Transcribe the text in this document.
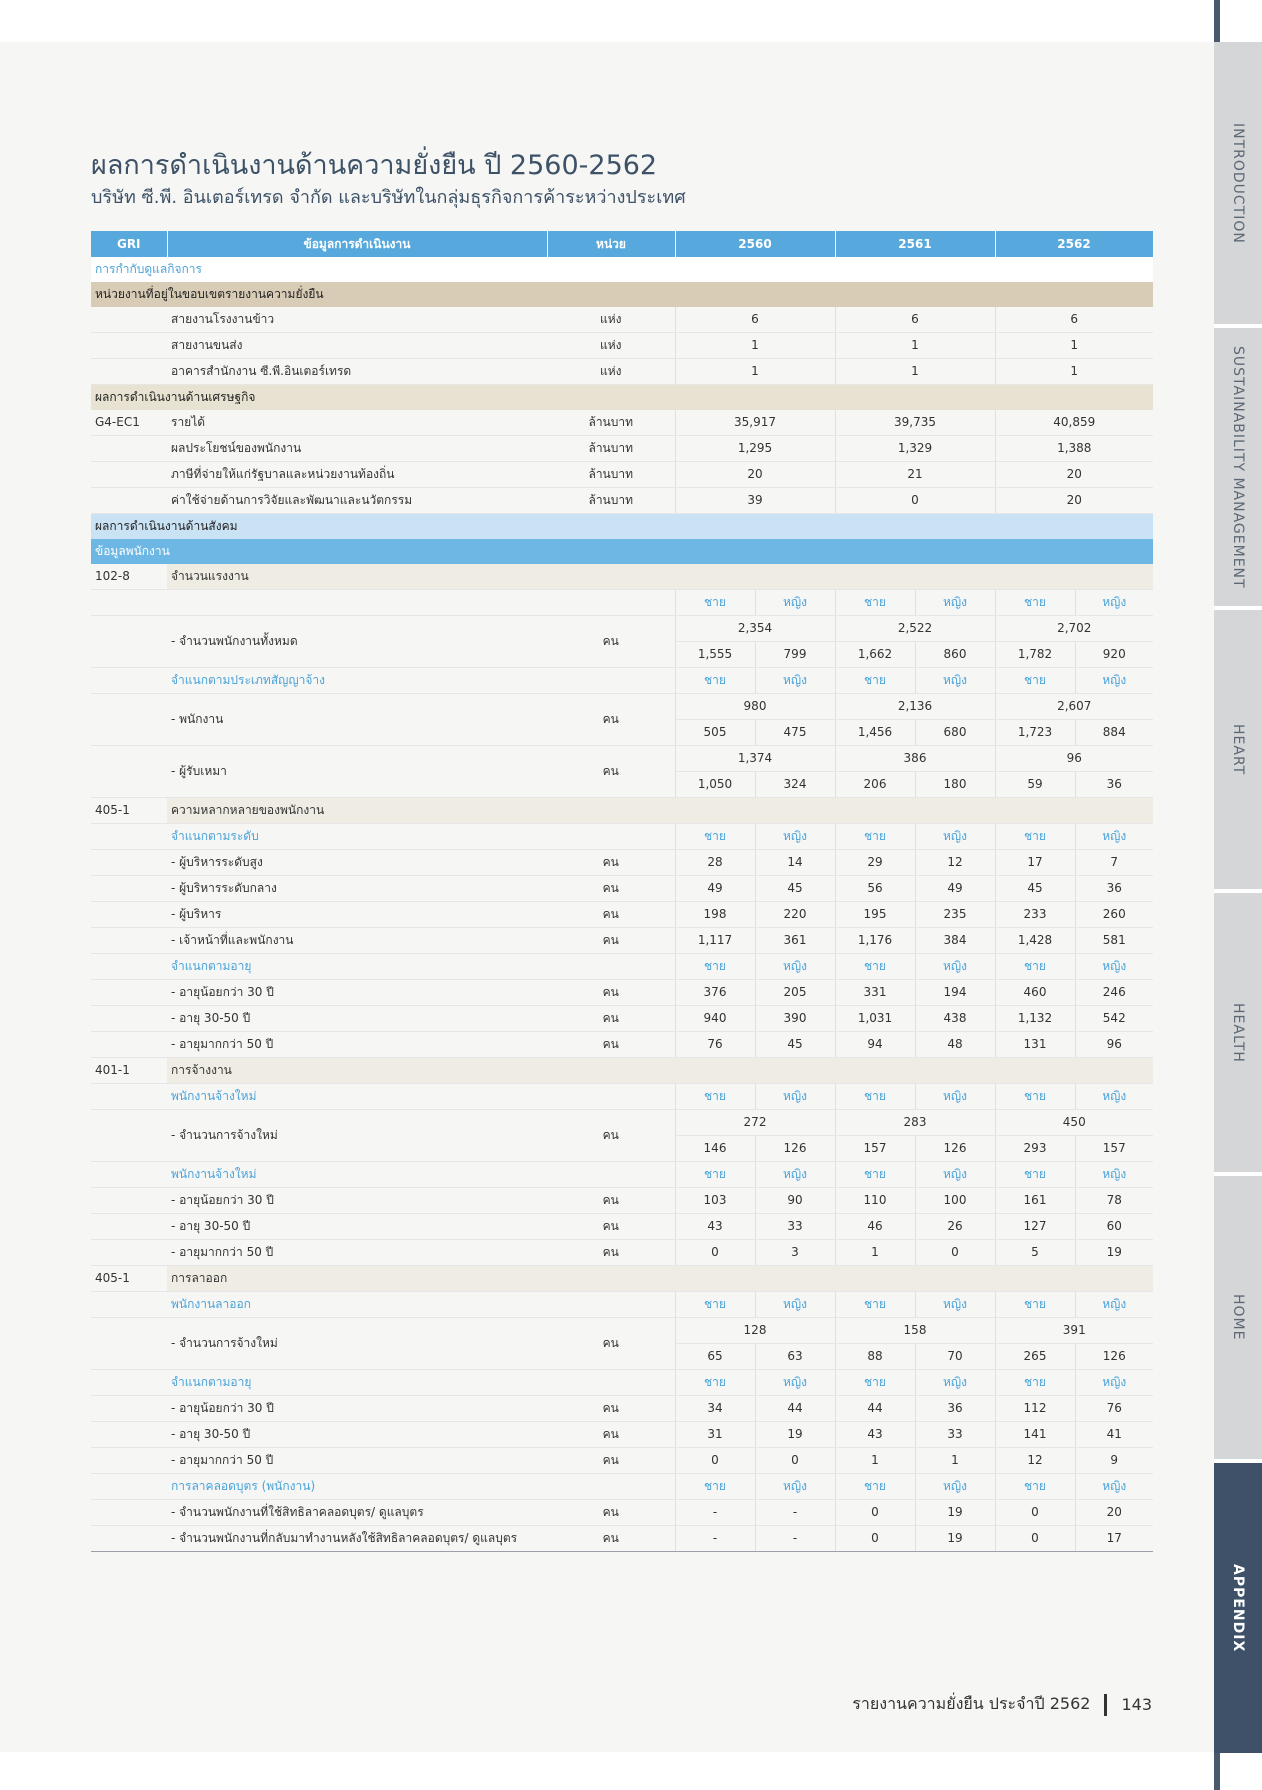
ผลการดำเนินงานด้านความยั่งยืน ปี 2560-2562
บริษัท ซี.พี. อินเตอร์เทรด จำกัด และบริษัทในกลุ่มธุรกิจการค้าระหว่างประเทศ
GRI	ข้อมูลการดำเนินงาน	หน่วย	2560		2561		2562	
การกำกับดูแลกิจการ								
หน่วยงานที่อยู่ในขอบเขตรายงานความยั่งยืน								
	สายงานโรงงานข้าว	แห่ง	6		6		6	
	สายงานขนส่ง	แห่ง	1		1		1	
	อาคารสำนักงาน ซี.พี.อินเตอร์เทรด	แห่ง	1		1		1	
ผลการดำเนินงานด้านเศรษฐกิจ								
G4-EC1	รายได้	ล้านบาท	35,917		39,735		40,859	
	ผลประโยชน์ของพนักงาน	ล้านบาท	1,295		1,329		1,388	
	ภาษีที่จ่ายให้แก่รัฐบาลและหน่วยงานท้องถิ่น	ล้านบาท	20		21		20	
	ค่าใช้จ่ายด้านการวิจัยและพัฒนาและนวัตกรรม	ล้านบาท	39		0		20	
ผลการดำเนินงานด้านสังคม								
ข้อมูลพนักงาน								
102-8	จำนวนแรงงาน							
			ชาย	หญิง	ชาย	หญิง	ชาย	หญิง
	- จำนวนพนักงานทั้งหมด	คน	2,354		2,522		2,702	
			1,555	799	1,662	860	1,782	920
	จำแนกตามประเภทสัญญาจ้าง		ชาย	หญิง	ชาย	หญิง	ชาย	หญิง
	- พนักงาน	คน	980		2,136		2,607	
			505	475	1,456	680	1,723	884
	- ผู้รับเหมา	คน	1,374		386		96	
			1,050	324	206	180	59	36
405-1	ความหลากหลายของพนักงาน							
	จำแนกตามระดับ		ชาย	หญิง	ชาย	หญิง	ชาย	หญิง
	- ผู้บริหารระดับสูง	คน	28	14	29	12	17	7
	- ผู้บริหารระดับกลาง	คน	49	45	56	49	45	36
	- ผู้บริหาร	คน	198	220	195	235	233	260
	- เจ้าหน้าที่และพนักงาน	คน	1,117	361	1,176	384	1,428	581
	จำแนกตามอายุ		ชาย	หญิง	ชาย	หญิง	ชาย	หญิง
	- อายุน้อยกว่า 30 ปี	คน	376	205	331	194	460	246
	- อายุ 30-50 ปี	คน	940	390	1,031	438	1,132	542
	- อายุมากกว่า 50 ปี	คน	76	45	94	48	131	96
401-1	การจ้างงาน							
	พนักงานจ้างใหม่		ชาย	หญิง	ชาย	หญิง	ชาย	หญิง
	- จำนวนการจ้างใหม่	คน	272		283		450	
			146	126	157	126	293	157
	พนักงานจ้างใหม่		ชาย	หญิง	ชาย	หญิง	ชาย	หญิง
	- อายุน้อยกว่า 30 ปี	คน	103	90	110	100	161	78
	- อายุ 30-50 ปี	คน	43	33	46	26	127	60
	- อายุมากกว่า 50 ปี	คน	0	3	1	0	5	19
405-1	การลาออก							
	พนักงานลาออก		ชาย	หญิง	ชาย	หญิง	ชาย	หญิง
	- จำนวนการจ้างใหม่	คน	128		158		391	
			65	63	88	70	265	126
	จำแนกตามอายุ		ชาย	หญิง	ชาย	หญิง	ชาย	หญิง
	- อายุน้อยกว่า 30 ปี	คน	34	44	44	36	112	76
	- อายุ 30-50 ปี	คน	31	19	43	33	141	41
	- อายุมากกว่า 50 ปี	คน	0	0	1	1	12	9
	การลาคลอดบุตร (พนักงาน)		ชาย	หญิง	ชาย	หญิง	ชาย	หญิง
	- จำนวนพนักงานที่ใช้สิทธิลาคลอดบุตร/ ดูแลบุตร	คน	-	-	0	19	0	20
	- จำนวนพนักงานที่กลับมาทำงานหลังใช้สิทธิลาคลอดบุตร/ ดูแลบุตร	คน	-	-	0	19	0	17
INTRODUCTION
SUSTAINABILITY MANAGEMENT
HEART
HEALTH
HOME
APPENDIX
รายงานความยั่งยืน ประจำปี 2562 143
